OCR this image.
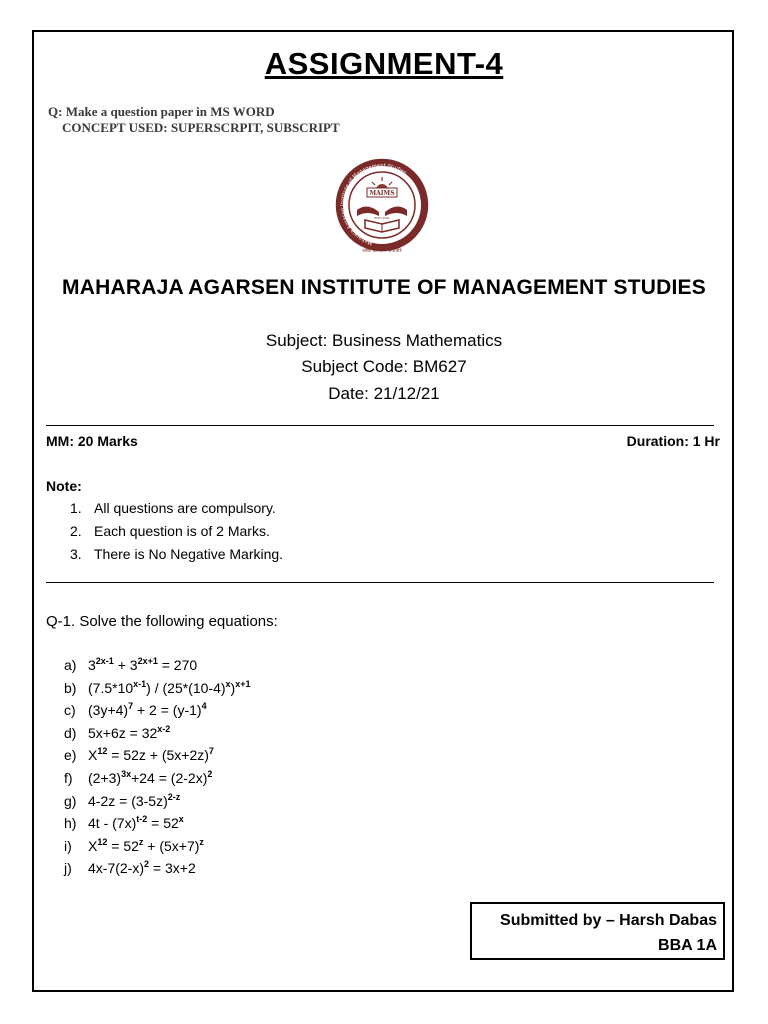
ASSIGNMENT-4
Q: Make a question paper in MS WORD
CONCEPT USED: SUPERSCRPIT, SUBSCRIPT
Maharaja Agrasen Institute of Management Studies
MAIMS
ESTD 2001
लोक कल्याण सर्वोपरि
MAHARAJA AGARSEN INSTITUTE OF MANAGEMENT STUDIES
Subject: Business Mathematics
Subject Code: BM627
Date: 21/12/21
MM: 20 Marks	Duration: 1 Hr
Note:
1. All questions are compulsory.
2. Each question is of 2 Marks.
3. There is No Negative Marking.
Q-1. Solve the following equations:
a) $3^{2x-1} + 3^{2x+1} = 270$
b) $(7.5*10^{x-1}) / (25*(10-4)^x)^{x+1}$
c) $(3y+4)^7 + 2 = (y-1)^4$
d) $5x+6z = 32^{x-2}$
e) $X^{12} = 52z + (5x+2z)^7$
f) $(2+3)^{3x}+24 = (2-2x)^2$
g) $4-2z = (3-5z)^{2-z}$
h) $4t - (7x)^{t-2} = 52^x$
i) $X^{12} = 52^z + (5x+7)^z$
j) $4x-7(2-x)^2 = 3x+2$
Submitted by – Harsh Dabas
BBA 1A
